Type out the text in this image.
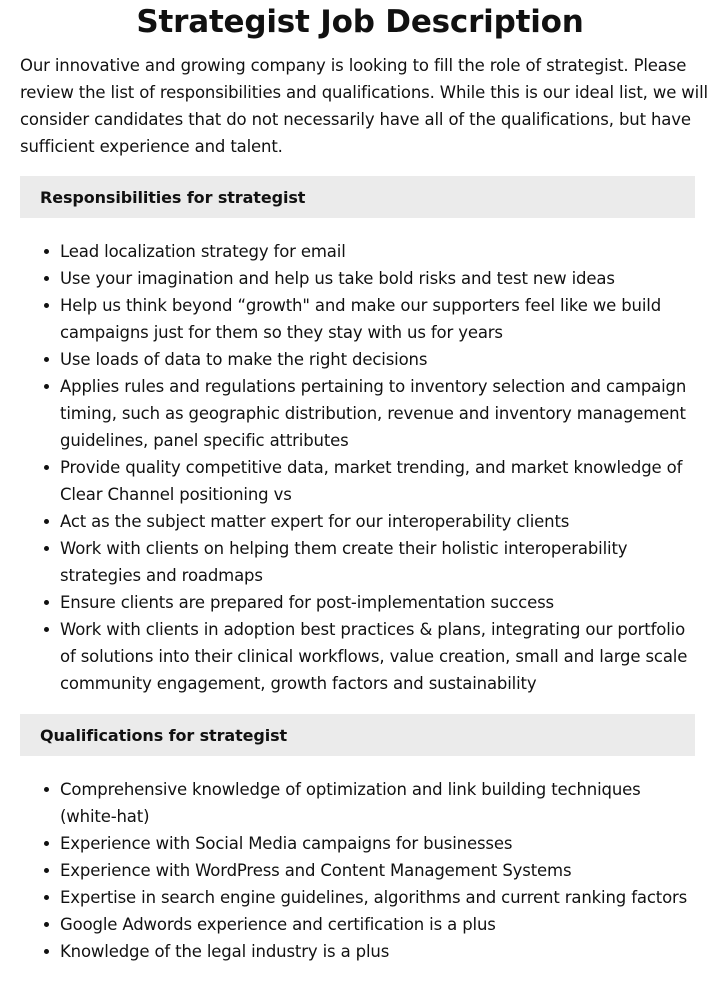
Strategist Job Description

Our innovative and growing company is looking to fill the role of strategist. Please review the list of responsibilities and qualifications. While this is our ideal list, we will consider candidates that do not necessarily have all of the qualifications, but have sufficient experience and talent.

Responsibilities for strategist
Lead localization strategy for email
Use your imagination and help us take bold risks and test new ideas
Help us think beyond “growth" and make our supporters feel like we build campaigns just for them so they stay with us for years
Use loads of data to make the right decisions
Applies rules and regulations pertaining to inventory selection and campaign timing, such as geographic distribution, revenue and inventory management guidelines, panel specific attributes
Provide quality competitive data, market trending, and market knowledge of Clear Channel positioning vs
Act as the subject matter expert for our interoperability clients
Work with clients on helping them create their holistic interoperability strategies and roadmaps
Ensure clients are prepared for post-implementation success
Work with clients in adoption best practices & plans, integrating our portfolio of solutions into their clinical workflows, value creation, small and large scale community engagement, growth factors and sustainability
Qualifications for strategist
Comprehensive knowledge of optimization and link building techniques (white-hat)
Experience with Social Media campaigns for businesses
Experience with WordPress and Content Management Systems
Expertise in search engine guidelines, algorithms and current ranking factors
Google Adwords experience and certification is a plus
Knowledge of the legal industry is a plus
